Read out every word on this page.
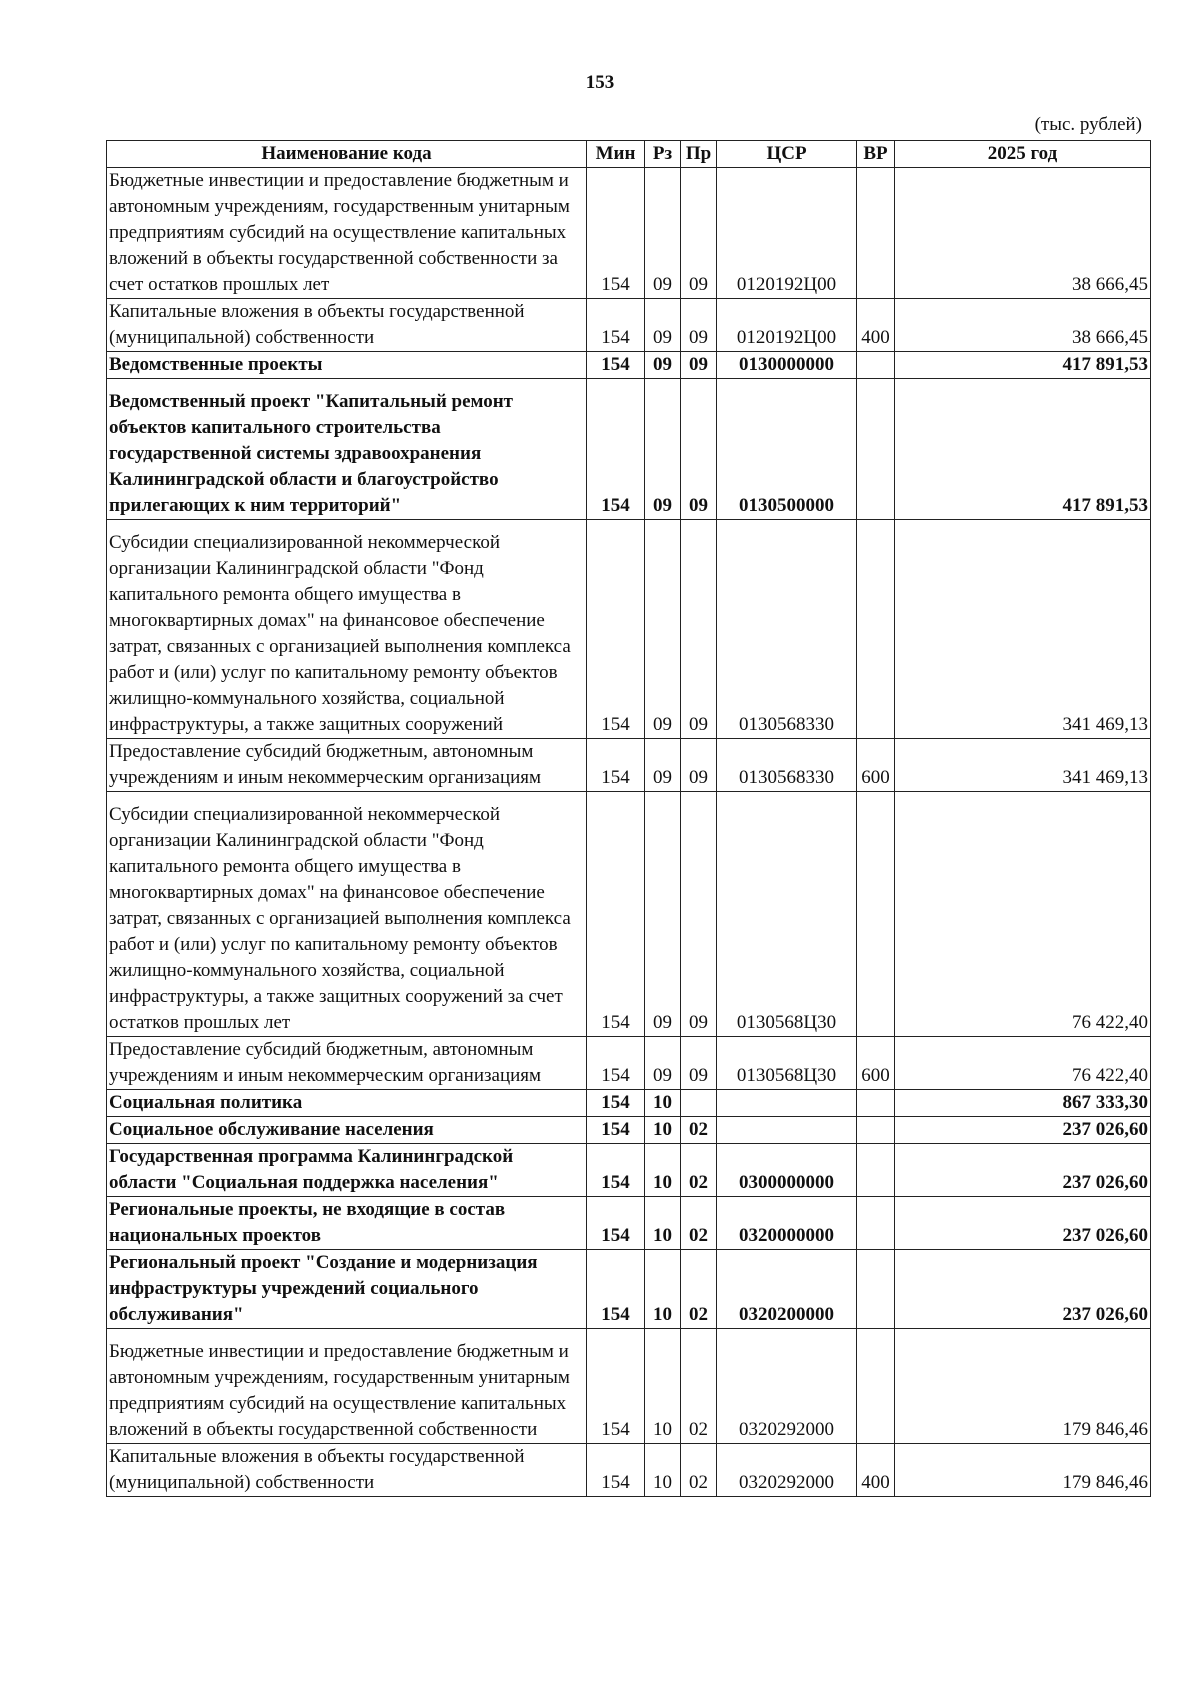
153
(тыс. рублей)
Наименование кода	Мин	Рз	Пр	ЦСР	ВР	2025 год
Бюджетные инвестиции и предоставление бюджетным и автономным учреждениям, государственным унитарным предприятиям субсидий на осуществление капитальных вложений в объекты государственной собственности за счет остатков прошлых лет	154	09	09	0120192Ц00		38 666,45
Капитальные вложения в объекты государственной (муниципальной) собственности	154	09	09	0120192Ц00	400	38 666,45
Ведомственные проекты	154	09	09	0130000000		417 891,53
Ведомственный проект "Капитальный ремонт объектов капитального строительства государственной системы здравоохранения Калининградской области и благоустройство прилегающих к ним территорий"	154	09	09	0130500000		417 891,53
Субсидии специализированной некоммерческой организации Калининградской области "Фонд капитального ремонта общего имущества в многоквартирных домах" на финансовое обеспечение затрат, связанных с организацией выполнения комплекса работ и (или) услуг по капитальному ремонту объектов жилищно-коммунального хозяйства, социальной инфраструктуры, а также защитных сооружений	154	09	09	0130568330		341 469,13
Предоставление субсидий бюджетным, автономным учреждениям и иным некоммерческим организациям	154	09	09	0130568330	600	341 469,13
Субсидии специализированной некоммерческой организации Калининградской области "Фонд капитального ремонта общего имущества в многоквартирных домах" на финансовое обеспечение затрат, связанных с организацией выполнения комплекса работ и (или) услуг по капитальному ремонту объектов жилищно-коммунального хозяйства, социальной инфраструктуры, а также защитных сооружений за счет остатков прошлых лет	154	09	09	0130568Ц30		76 422,40
Предоставление субсидий бюджетным, автономным учреждениям и иным некоммерческим организациям	154	09	09	0130568Ц30	600	76 422,40
Социальная политика	154	10				867 333,30
Социальное обслуживание населения	154	10	02			237 026,60
Государственная программа Калининградской области "Социальная поддержка населения"	154	10	02	0300000000		237 026,60
Региональные проекты, не входящие в состав национальных проектов	154	10	02	0320000000		237 026,60
Региональный проект "Создание и модернизация инфраструктуры учреждений социального обслуживания"	154	10	02	0320200000		237 026,60
Бюджетные инвестиции и предоставление бюджетным и автономным учреждениям, государственным унитарным предприятиям субсидий на осуществление капитальных вложений в объекты государственной собственности	154	10	02	0320292000		179 846,46
Капитальные вложения в объекты государственной (муниципальной) собственности	154	10	02	0320292000	400	179 846,46
